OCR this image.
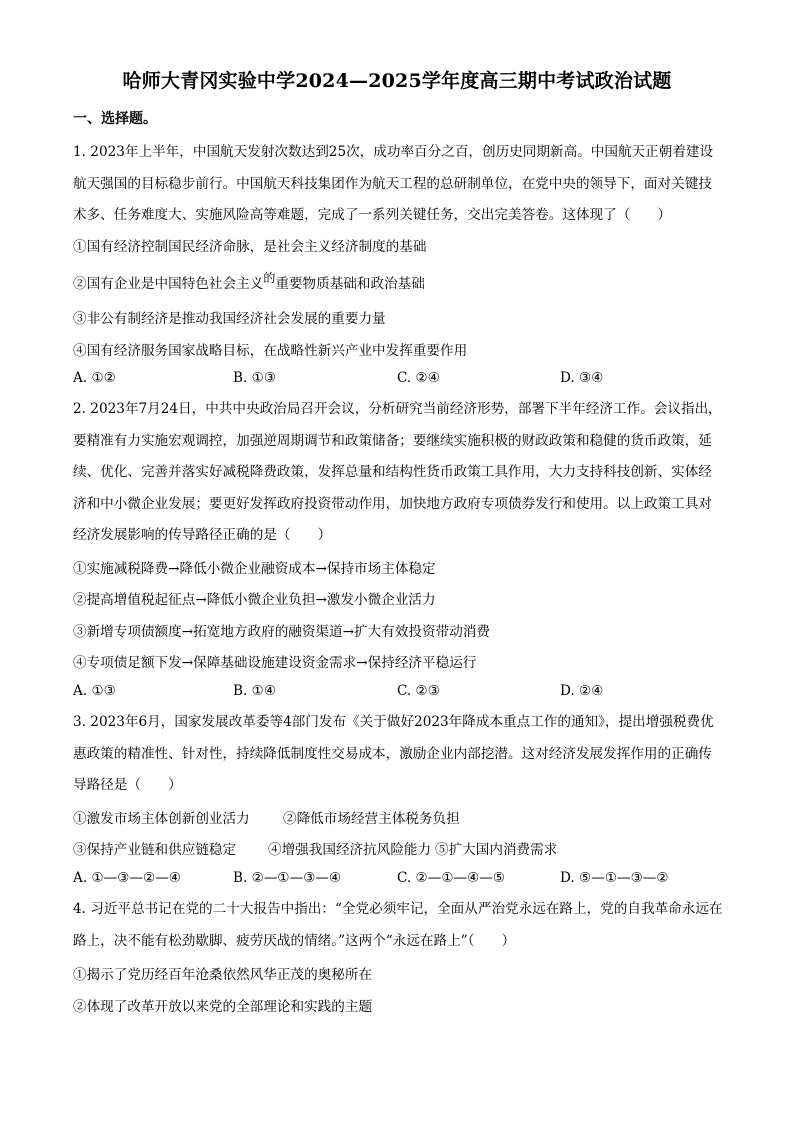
哈师大青冈实验中学2024—2025学年度高三期中考试政治试题
一、选择题。
1. 2023年上半年，中国航天发射次数达到25次，成功率百分之百，创历史同期新高。中国航天正朝着建设航天强国的目标稳步前行。中国航天科技集团作为航天工程的总研制单位，在党中央的领导下，面对关键技术多、任务难度大、实施风险高等难题，完成了一系列关键任务，交出完美答卷。这体现了（　　）
①国有经济控制国民经济命脉，是社会主义经济制度的基础
②国有企业是中国特色社会主义的重要物质基础和政治基础
③非公有制经济是推动我国经济社会发展的重要力量
④国有经济服务国家战略目标，在战略性新兴产业中发挥重要作用
A. ①②	B. ①③	C. ②④	D. ③④
2. 2023年7月24日，中共中央政治局召开会议，分析研究当前经济形势，部署下半年经济工作。会议指出，要精准有力实施宏观调控，加强逆周期调节和政策储备；要继续实施积极的财政政策和稳健的货币政策，延续、优化、完善并落实好减税降费政策，发挥总量和结构性货币政策工具作用，大力支持科技创新、实体经济和中小微企业发展；要更好发挥政府投资带动作用，加快地方政府专项债券发行和使用。以上政策工具对经济发展影响的传导路径正确的是（　　）
①实施减税降费→降低小微企业融资成本→保持市场主体稳定
②提高增值税起征点→降低小微企业负担→激发小微企业活力
③新增专项债额度→拓宽地方政府的融资渠道→扩大有效投资带动消费
④专项债足额下发→保障基础设施建设资金需求→保持经济平稳运行
A. ①③	B. ①④	C. ②③	D. ②④
3. 2023年6月，国家发展改革委等4部门发布《关于做好2023年降成本重点工作的通知》，提出增强税费优惠政策的精准性、针对性，持续降低制度性交易成本，激励企业内部挖潜。这对经济发展发挥作用的正确传导路径是（　　）
①激发市场主体创新创业活力 ②降低市场经营主体税务负担
③保持产业链和供应链稳定 ④增强我国经济抗风险能力 ⑤扩大国内消费需求
A. ①—③—②—④	B. ②—①—③—④	C. ②—①—④—⑤	D. ⑤—①—③—②
4. 习近平总书记在党的二十大报告中指出：“全党必须牢记，全面从严治党永远在路上，党的自我革命永远在路上，决不能有松劲歇脚、疲劳厌战的情绪。”这两个“永远在路上”（　　）
①揭示了党历经百年沧桑依然风华正茂的奥秘所在
②体现了改革开放以来党的全部理论和实践的主题
